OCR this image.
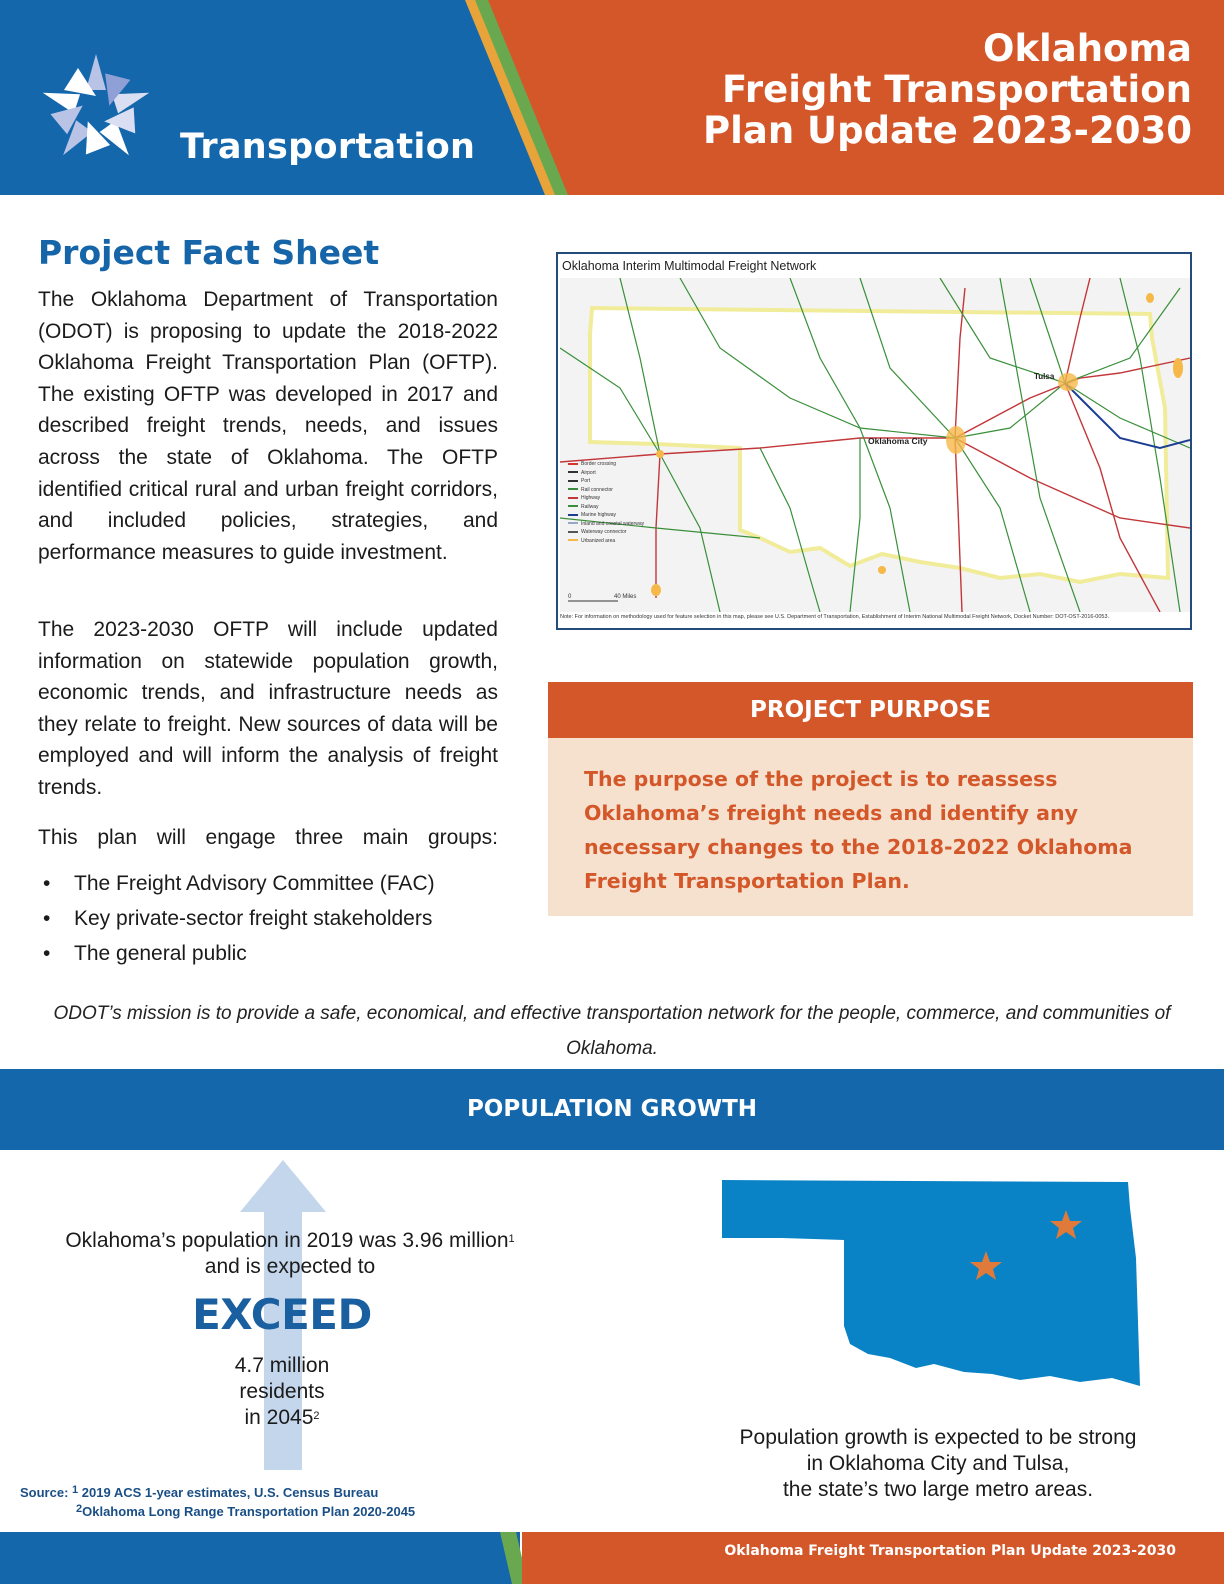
Transportation
Oklahoma
Freight Transportation
Plan Update 2023-2030
Project Fact Sheet
The Oklahoma Department of Transportation (ODOT) is proposing to update the 2018-2022 Oklahoma Freight Transportation Plan (OFTP). The existing OFTP was developed in 2017 and described freight trends, needs, and issues across the state of Oklahoma. The OFTP identified critical rural and urban freight corridors, and included policies, strategies, and performance measures to guide investment.
The 2023-2030 OFTP will include updated information on statewide population growth, economic trends, and infrastructure needs as they relate to freight. New sources of data will be employed and will inform the analysis of freight trends.
This plan will engage three main groups:
• The Freight Advisory Committee (FAC)
• Key private-sector freight stakeholders
• The general public
Oklahoma Interim Multimodal Freight Network
Oklahoma City
Tulsa
0	40 Miles
Border crossing
Airport
Port
Rail connector
Highway
Railway
Marine highway
Inland and coastal waterway
Waterway connector
Urbanized area
Note: For information on methodology used for feature selection in this map, please see U.S. Department of Transportation, Establishment of Interim National Multimodal Freight Network, Docket Number: DOT-OST-2016-0053.
PROJECT PURPOSE
The purpose of the project is to reassess Oklahoma’s freight needs and identify any necessary changes to the 2018-2022 Oklahoma Freight Transportation Plan.
ODOT’s mission is to provide a safe, economical, and effective transportation network for the people, commerce, and communities of Oklahoma.
POPULATION GROWTH
Oklahoma’s population in 2019 was 3.96 million$^1$
and is expected to
EXCEED
4.7 million
residents
in 2045$^2$
Source: $^1$ 2019 ACS 1-year estimates, U.S. Census Bureau
$^2$Oklahoma Long Range Transportation Plan 2020-2045
Population growth is expected to be strong
in Oklahoma City and Tulsa,
the state’s two large metro areas.
Oklahoma Freight Transportation Plan Update 2023-2030
